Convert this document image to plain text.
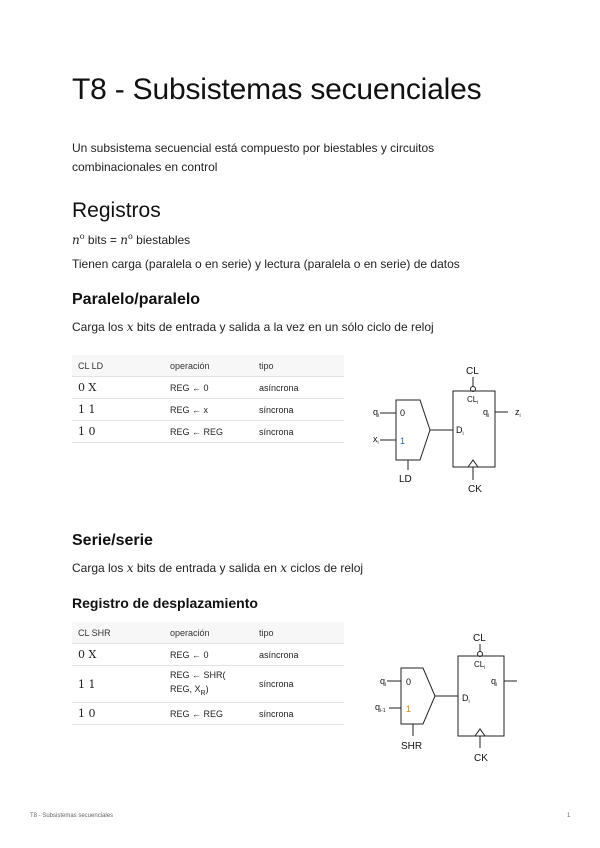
T8 - Subsistemas secuenciales

Un subsistema secuencial está compuesto por biestables y circuitos combinacionales en control

Registros

$n^o$ bits = $n^o$ biestables

Tienen carga (paralela o en serie) y lectura (paralela o en serie) de datos

Paralelo/paralelo

Carga los x bits de entrada y salida a la vez en un sólo ciclo de reloj

CL LD	operación	tipo
0 X	REG ← 0	asíncrona
1 1	REG ← x	síncrona
1 0	REG ← REG	síncrona
Serie/serie

Carga los x bits de entrada y salida en x ciclos de reloj

Registro de desplazamiento
CL SHR	operación	tipo
0 X	REG ← 0	asíncrona
1 1	REG ← SHR(
REG, $X_R$)	síncrona
1 0	REG ← REG	síncrona
CL
$CL_i$
$D_i$
$q_i$	$z_i$
CK
$q_i$
$x_i$
0
1
LD
CL
$CL_i$
$D_i$
$q_i$
CK
$q_i$
$q_{i-1}$
0
1
SHR
T8 - Subsistemas secuenciales	1
